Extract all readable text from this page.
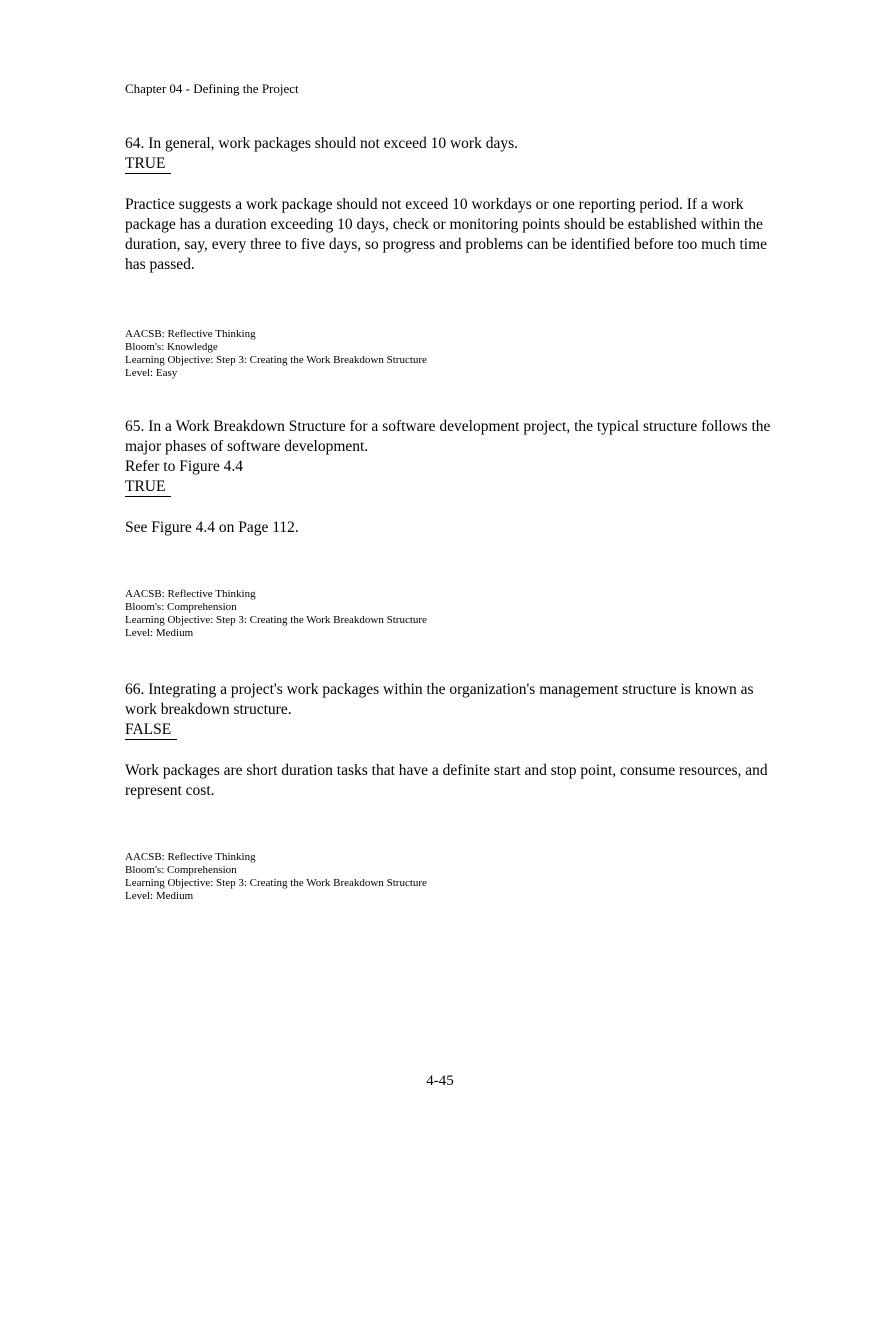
Chapter 04 - Defining the Project
64. In general, work packages should not exceed 10 work days.
TRUE
Practice suggests a work package should not exceed 10 workdays or one reporting period. If a work package has a duration exceeding 10 days, check or monitoring points should be established within the duration, say, every three to five days, so progress and problems can be identified before too much time has passed.
AACSB: Reflective Thinking
Bloom's: Knowledge
Learning Objective: Step 3: Creating the Work Breakdown Structure
Level: Easy
65. In a Work Breakdown Structure for a software development project, the typical structure follows the major phases of software development.
Refer to Figure 4.4
TRUE
See Figure 4.4 on Page 112.
AACSB: Reflective Thinking
Bloom's: Comprehension
Learning Objective: Step 3: Creating the Work Breakdown Structure
Level: Medium
66. Integrating a project's work packages within the organization's management structure is known as work breakdown structure.
FALSE
Work packages are short duration tasks that have a definite start and stop point, consume resources, and represent cost.
AACSB: Reflective Thinking
Bloom's: Comprehension
Learning Objective: Step 3: Creating the Work Breakdown Structure
Level: Medium
4-45
